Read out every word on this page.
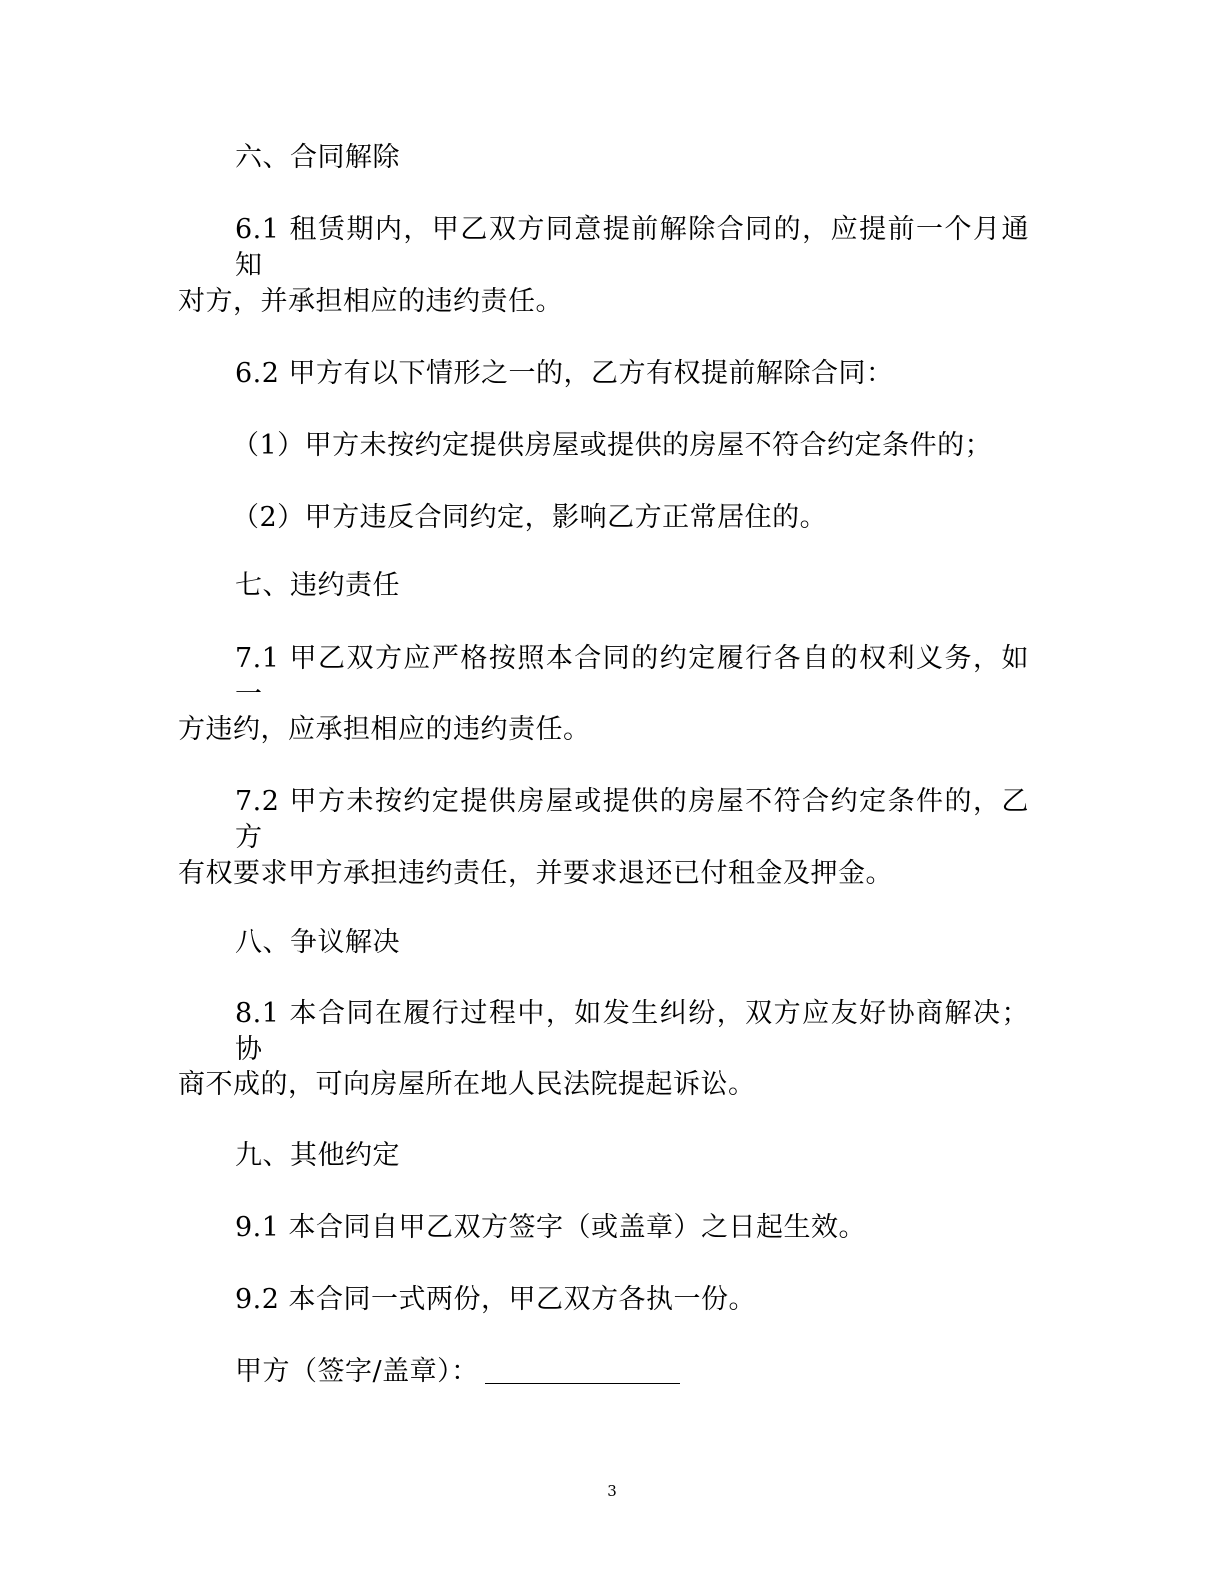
六、合同解除
6.1 租赁期内，甲乙双方同意提前解除合同的，应提前一个月通知
对方，并承担相应的违约责任。
6.2 甲方有以下情形之一的，乙方有权提前解除合同：
（1）甲方未按约定提供房屋或提供的房屋不符合约定条件的；
（2）甲方违反合同约定，影响乙方正常居住的。
七、违约责任
7.1 甲乙双方应严格按照本合同的约定履行各自的权利义务，如一
方违约，应承担相应的违约责任。
7.2 甲方未按约定提供房屋或提供的房屋不符合约定条件的，乙方
有权要求甲方承担违约责任，并要求退还已付租金及押金。
八、争议解决
8.1 本合同在履行过程中，如发生纠纷，双方应友好协商解决；协
商不成的，可向房屋所在地人民法院提起诉讼。
九、其他约定
9.1 本合同自甲乙双方签字（或盖章）之日起生效。
9.2 本合同一式两份，甲乙双方各执一份。
甲方（签字/盖章）：
3
